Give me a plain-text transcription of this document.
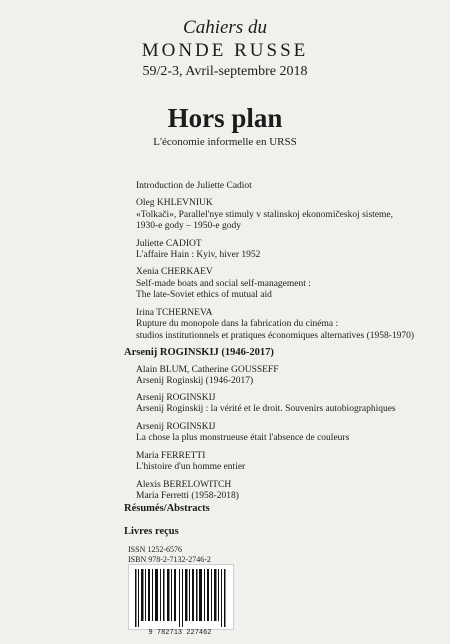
Cahiers du
MONDE RUSSE
59/2-3, Avril-septembre 2018
Hors plan
L'économie informelle en URSS
Introduction de Juliette Cadiot
Oleg KHLEVNIUK
«Tolkači», Parallel'nye stimuly v stalinskoj ekonomičeskoj sisteme,
1930-e gody – 1950-e gody
Juliette CADIOT
L'affaire Hain : Kyiv, hiver 1952
Xenia CHERKAEV
Self-made boats and social self-management :
The late-Soviet ethics of mutual aid
Irina TCHERNEVA
Rupture du monopole dans la fabrication du cinéma :
studios institutionnels et pratiques économiques alternatives (1958-1970)
Arsenij ROGINSKIJ (1946-2017)
Alain BLUM, Catherine GOUSSEFF
Arsenij Roginskij (1946-2017)
Arsenij ROGINSKIJ
Arsenij Roginskij : la vérité et le droit. Souvenirs autobiographiques
Arsenij ROGINSKIJ
La chose la plus monstrueuse était l'absence de couleurs
Maria FERRETTI
L'histoire d'un homme entier
Alexis BERELOWITCH
Maria Ferretti (1958-2018)
Résumés/Abstracts
Livres reçus
ISSN 1252-6576
ISBN 978-2-7132-2746-2
9 782713 227462
